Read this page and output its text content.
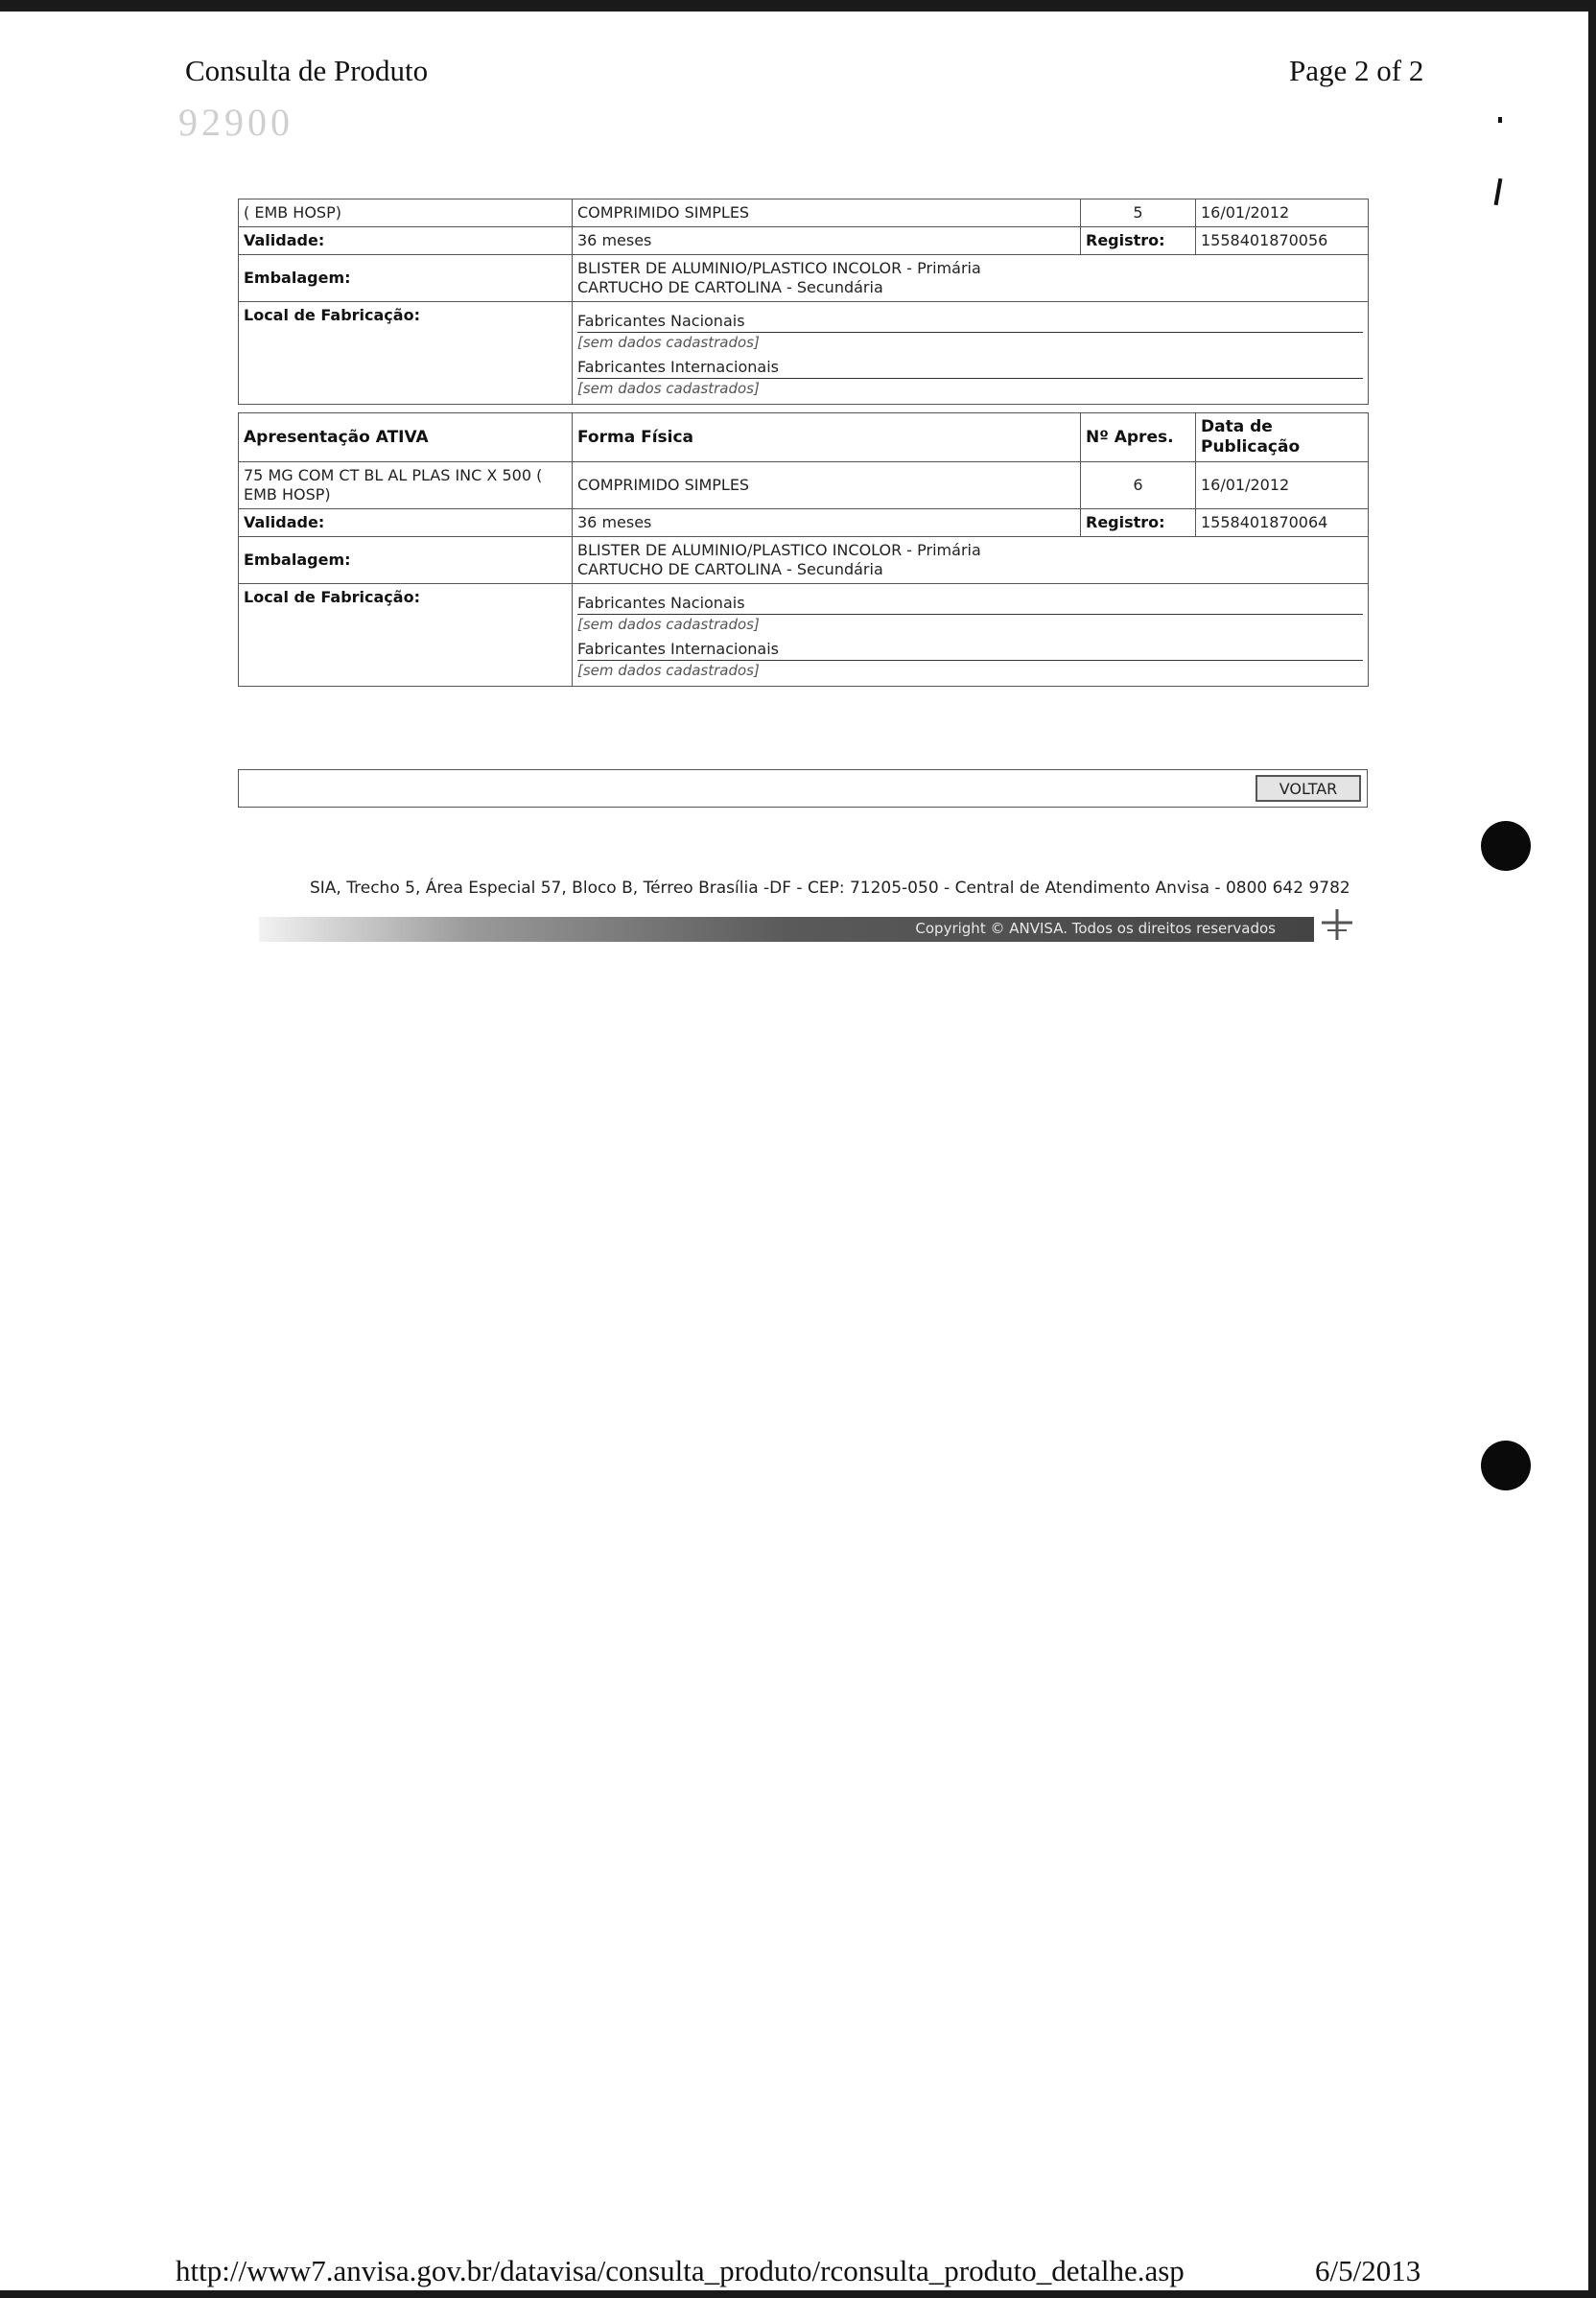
Consulta de Produto	Page 2 of 2
92900
( EMB HOSP)	COMPRIMIDO SIMPLES	5	16/01/2012
Validade:	36 meses	Registro:	1558401870056
Embalagem:	BLISTER DE ALUMINIO/PLASTICO INCOLOR - Primária
CARTUCHO DE CARTOLINA - Secundária		

Local de Fabricação:	Fabricantes Nacionais
[sem dados cadastrados]
Fabricantes Internacionais
[sem dados cadastrados]		
Apresentação ATIVA	Forma Física	Nº Apres.	Data de Publicação
75 MG COM CT BL AL PLAS INC X 500 ( EMB HOSP)	COMPRIMIDO SIMPLES	6	16/01/2012
Validade:	36 meses	Registro:	1558401870064
Embalagem:	BLISTER DE ALUMINIO/PLASTICO INCOLOR - Primária
CARTUCHO DE CARTOLINA - Secundária		

Local de Fabricação:	Fabricantes Nacionais
[sem dados cadastrados]
Fabricantes Internacionais
[sem dados cadastrados]		
VOLTAR
SIA, Trecho 5, Área Especial 57, Bloco B, Térreo Brasília -DF - CEP: 71205-050 - Central de Atendimento Anvisa - 0800 642 9782
Copyright © ANVISA. Todos os direitos reservados
http://www7.anvisa.gov.br/datavisa/consulta_produto/rconsulta_produto_detalhe.asp	6/5/2013
